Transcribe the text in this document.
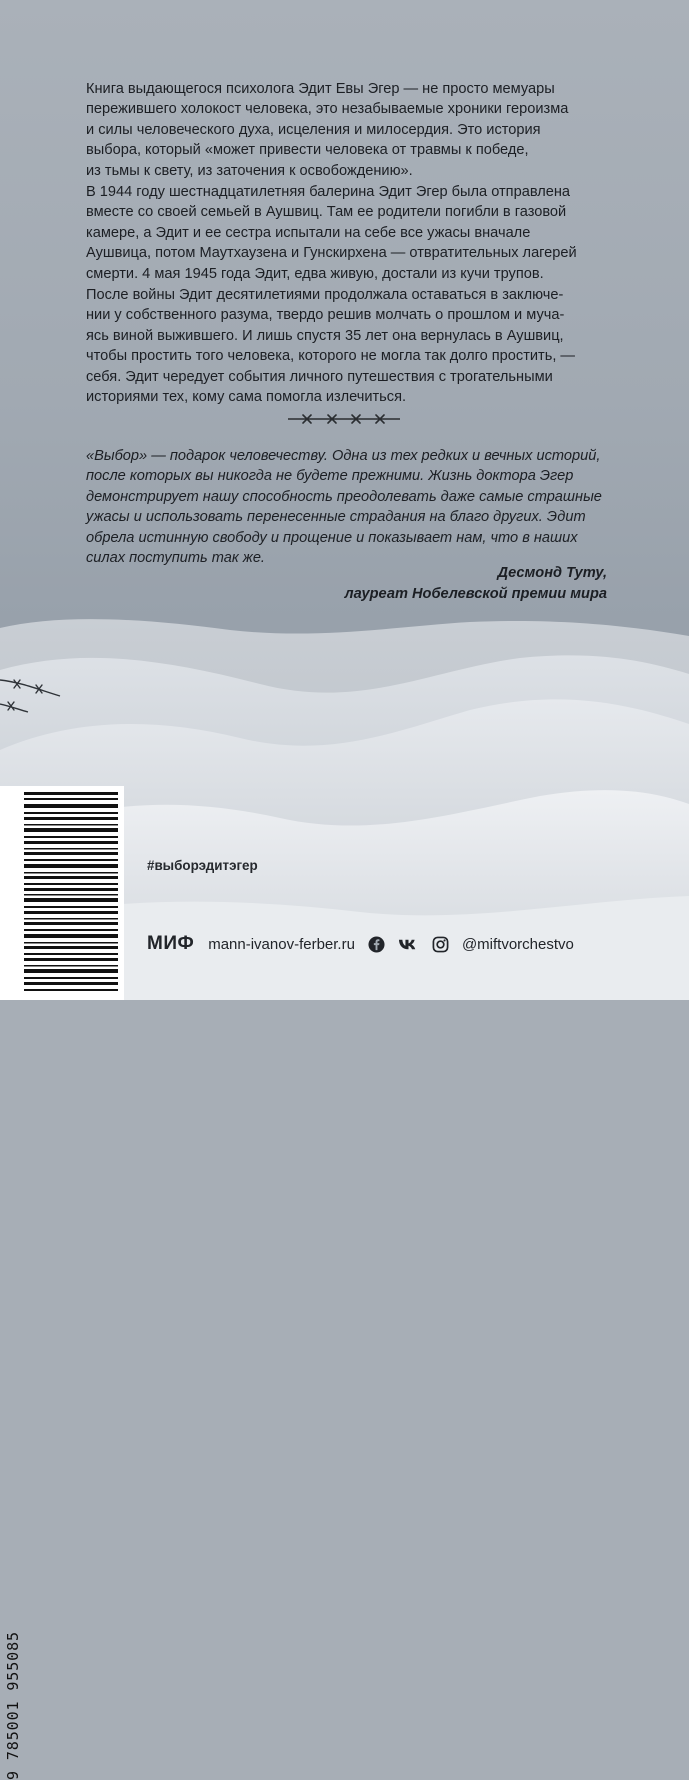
Книга выдающегося психолога Эдит Евы Эгер — не просто мемуары
пережившего холокост человека, это незабываемые хроники героизма
и силы человеческого духа, исцеления и милосердия. Это история
выбора, который «может привести человека от травмы к победе,
из тьмы к свету, из заточения к освобождению».

В 1944 году шестнадцатилетняя балерина Эдит Эгер была отправлена
вместе со своей семьей в Аушвиц. Там ее родители погибли в газовой
камере, а Эдит и ее сестра испытали на себе все ужасы вначале
Аушвица, потом Маутхаузена и Гунскирхена — отвратительных лагерей
смерти. 4 мая 1945 года Эдит, едва живую, достали из кучи трупов.

После войны Эдит десятилетиями продолжала оставаться в заключе-
нии у собственного разума, твердо решив молчать о прошлом и муча-
ясь виной выжившего. И лишь спустя 35 лет она вернулась в Аушвиц,
чтобы простить того человека, которого не могла так долго простить, —
себя. Эдит чередует события личного путешествия с трогательными
историями тех, кому сама помогла излечиться.

«Выбор» — подарок человечеству. Одна из тех редких и вечных историй,
после которых вы никогда не будете прежними. Жизнь доктора Эгер
демонстрирует нашу способность преодолевать даже самые страшные
ужасы и использовать перенесенные страдания на благо других. Эдит
обрела истинную свободу и прощение и показывает нам, что в наших
силах поступить так же.

Десмонд Туту,
лауреат Нобелевской премии мира
9 785001 955085
#выборэдитэгер
МИФ mann-ivanov-ferber.ru	@miftvorchestvo
